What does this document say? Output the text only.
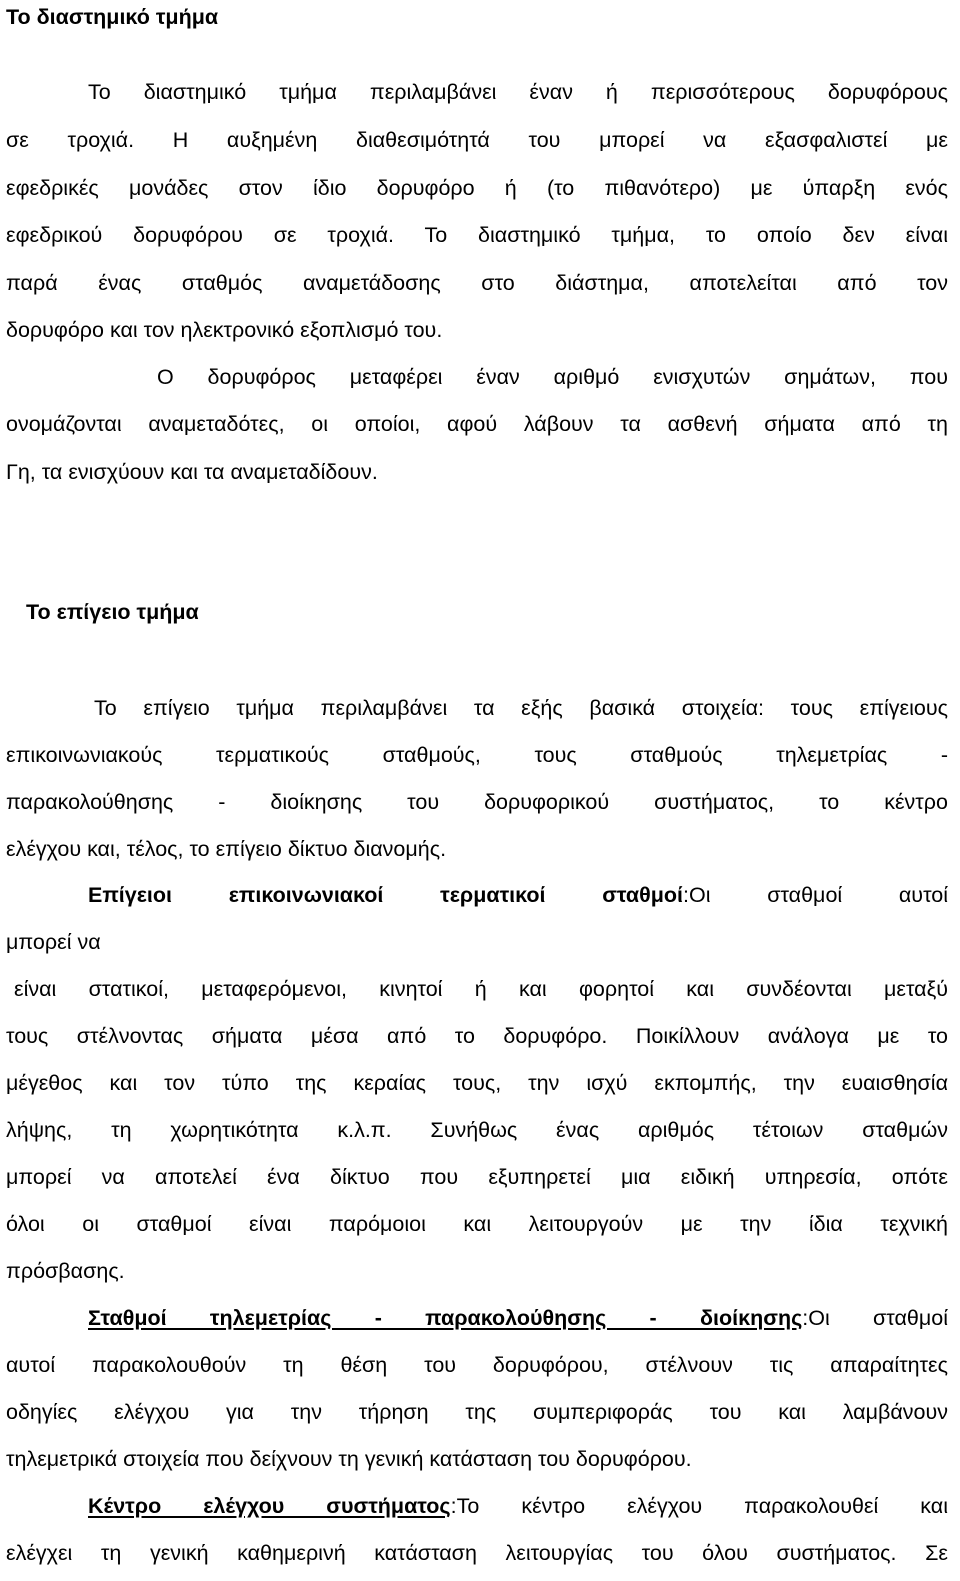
Το διαστημικό τμήμα
Το διαστημικό τμήμα περιλαμβάνει έναν ή περισσότερους δορυφόρους
σε τροχιά. Η αυξημένη διαθεσιμότητά του μπορεί να εξασφαλιστεί με
εφεδρικές μονάδες στον ίδιο δορυφόρο ή (το πιθανότερο) με ύπαρξη ενός
εφεδρικού δορυφόρου σε τροχιά. Το διαστημικό τμήμα, το οποίο δεν είναι
παρά ένας σταθμός αναμετάδοσης στο διάστημα, αποτελείται από τον
δορυφόρο και τον ηλεκτρονικό εξοπλισμό του.
Ο δορυφόρος μεταφέρει έναν αριθμό ενισχυτών σημάτων, που
ονομάζονται αναμεταδότες, οι οποίοι, αφού λάβουν τα ασθενή σήματα από τη
Γη, τα ενισχύουν και τα αναμεταδίδουν.
Το επίγειο τμήμα
Το επίγειο τμήμα περιλαμβάνει τα εξής βασικά στοιχεία: τους επίγειους
επικοινωνιακούς τερματικούς σταθμούς, τους σταθμούς τηλεμετρίας -
παρακολούθησης - διοίκησης του δορυφορικού συστήματος, το κέντρο
ελέγχου και, τέλος, το επίγειο δίκτυο διανομής.
Επίγειοι επικοινωνιακοί τερματικοί σταθμοί:Οι σταθμοί αυτοί
μπορεί να
είναι στατικοί, μεταφερόμενοι, κινητοί ή και φορητοί και συνδέονται μεταξύ
τους στέλνοντας σήματα μέσα από το δορυφόρο. Ποικίλλουν ανάλογα με το
μέγεθος και τον τύπο της κεραίας τους, την ισχύ εκπομπής, την ευαισθησία
λήψης, τη χωρητικότητα κ.λ.π. Συνήθως ένας αριθμός τέτοιων σταθμών
μπορεί να αποτελεί ένα δίκτυο που εξυπηρετεί μια ειδική υπηρεσία, οπότε
όλοι οι σταθμοί είναι παρόμοιοι και λειτουργούν με την ίδια τεχνική
πρόσβασης.
Σταθμοί τηλεμετρίας - παρακολούθησης - διοίκησης:Οι σταθμοί
αυτοί παρακολουθούν τη θέση του δορυφόρου, στέλνουν τις απαραίτητες
οδηγίες ελέγχου για την τήρηση της συμπεριφοράς του και λαμβάνουν
τηλεμετρικά στοιχεία που δείχνουν τη γενική κατάσταση του δορυφόρου.
Κέντρο ελέγχου συστήματος:Το κέντρο ελέγχου παρακολουθεί και
ελέγχει τη γενική καθημερινή κατάσταση λειτουργίας του όλου συστήματος. Σε
